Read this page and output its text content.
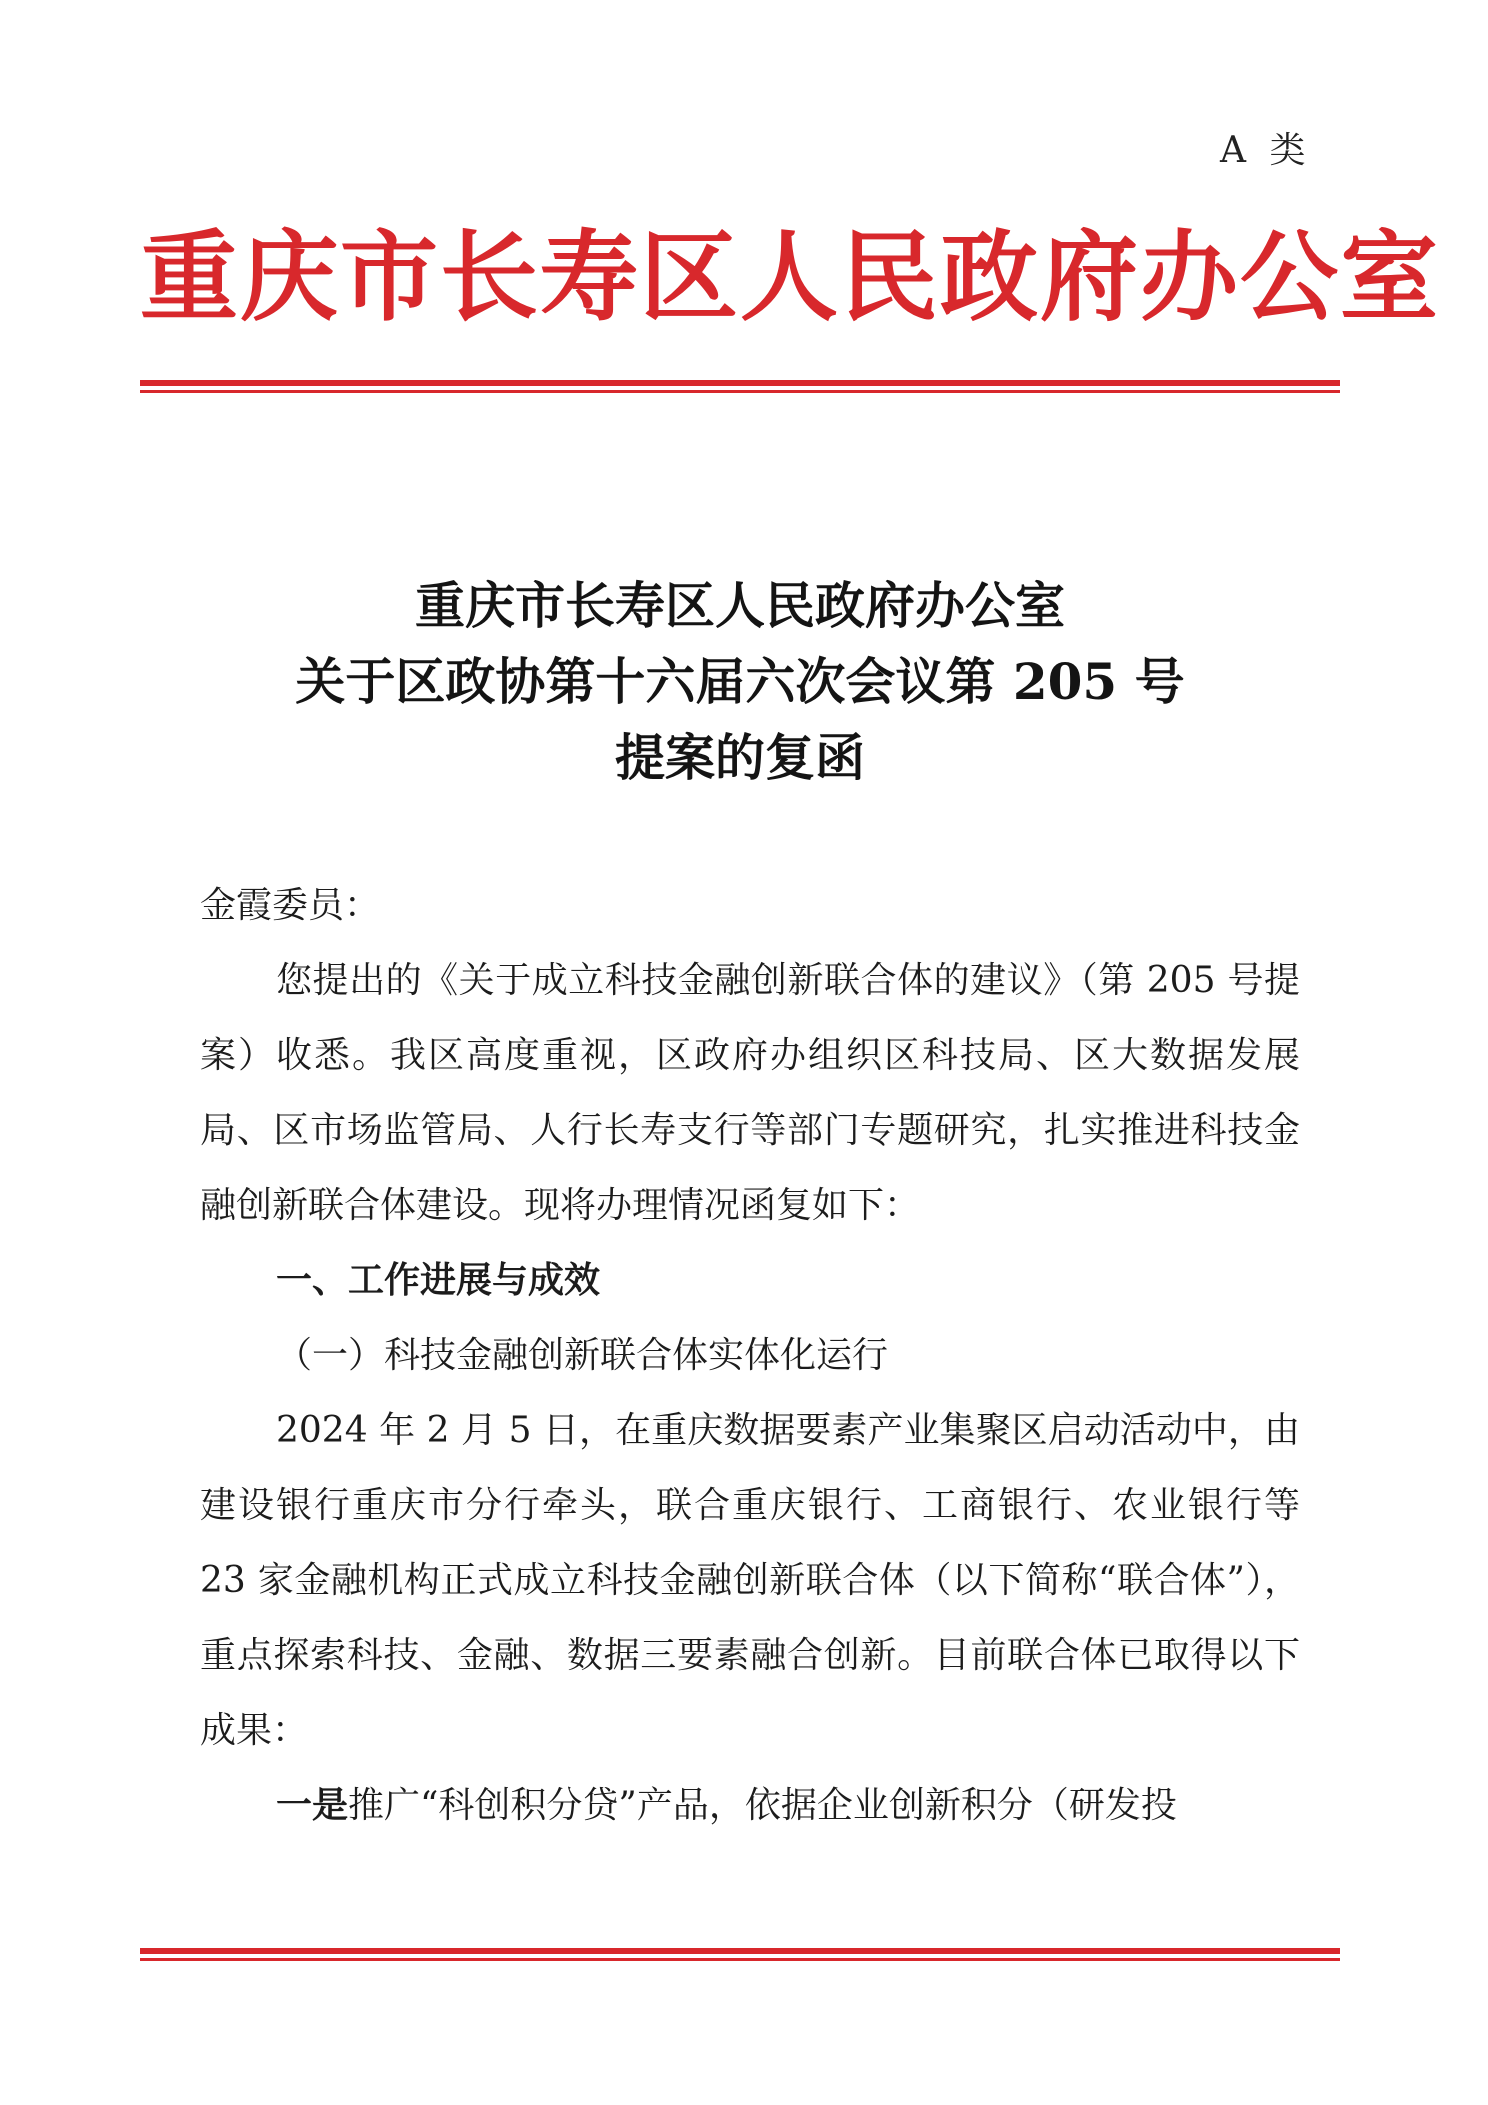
A 类
重庆市长寿区人民政府办公室
重庆市长寿区人民政府办公室
关于区政协第十六届六次会议第 205 号
提案的复函

金霞委员：

您提出的《关于成立科技金融创新联合体的建议》（第 205 号提案）收悉。我区高度重视，区政府办组织区科技局、区大数据发展局、区市场监管局、人行长寿支行等部门专题研究，扎实推进科技金融创新联合体建设。现将办理情况函复如下：

一、工作进展与成效

（一）科技金融创新联合体实体化运行

2024 年 2 月 5 日，在重庆数据要素产业集聚区启动活动中，由建设银行重庆市分行牵头，联合重庆银行、工商银行、农业银行等 23 家金融机构正式成立科技金融创新联合体（以下简称“联合体”），重点探索科技、金融、数据三要素融合创新。目前联合体已取得以下成果：

一是推广“科创积分贷”产品，依据企业创新积分（研发投
